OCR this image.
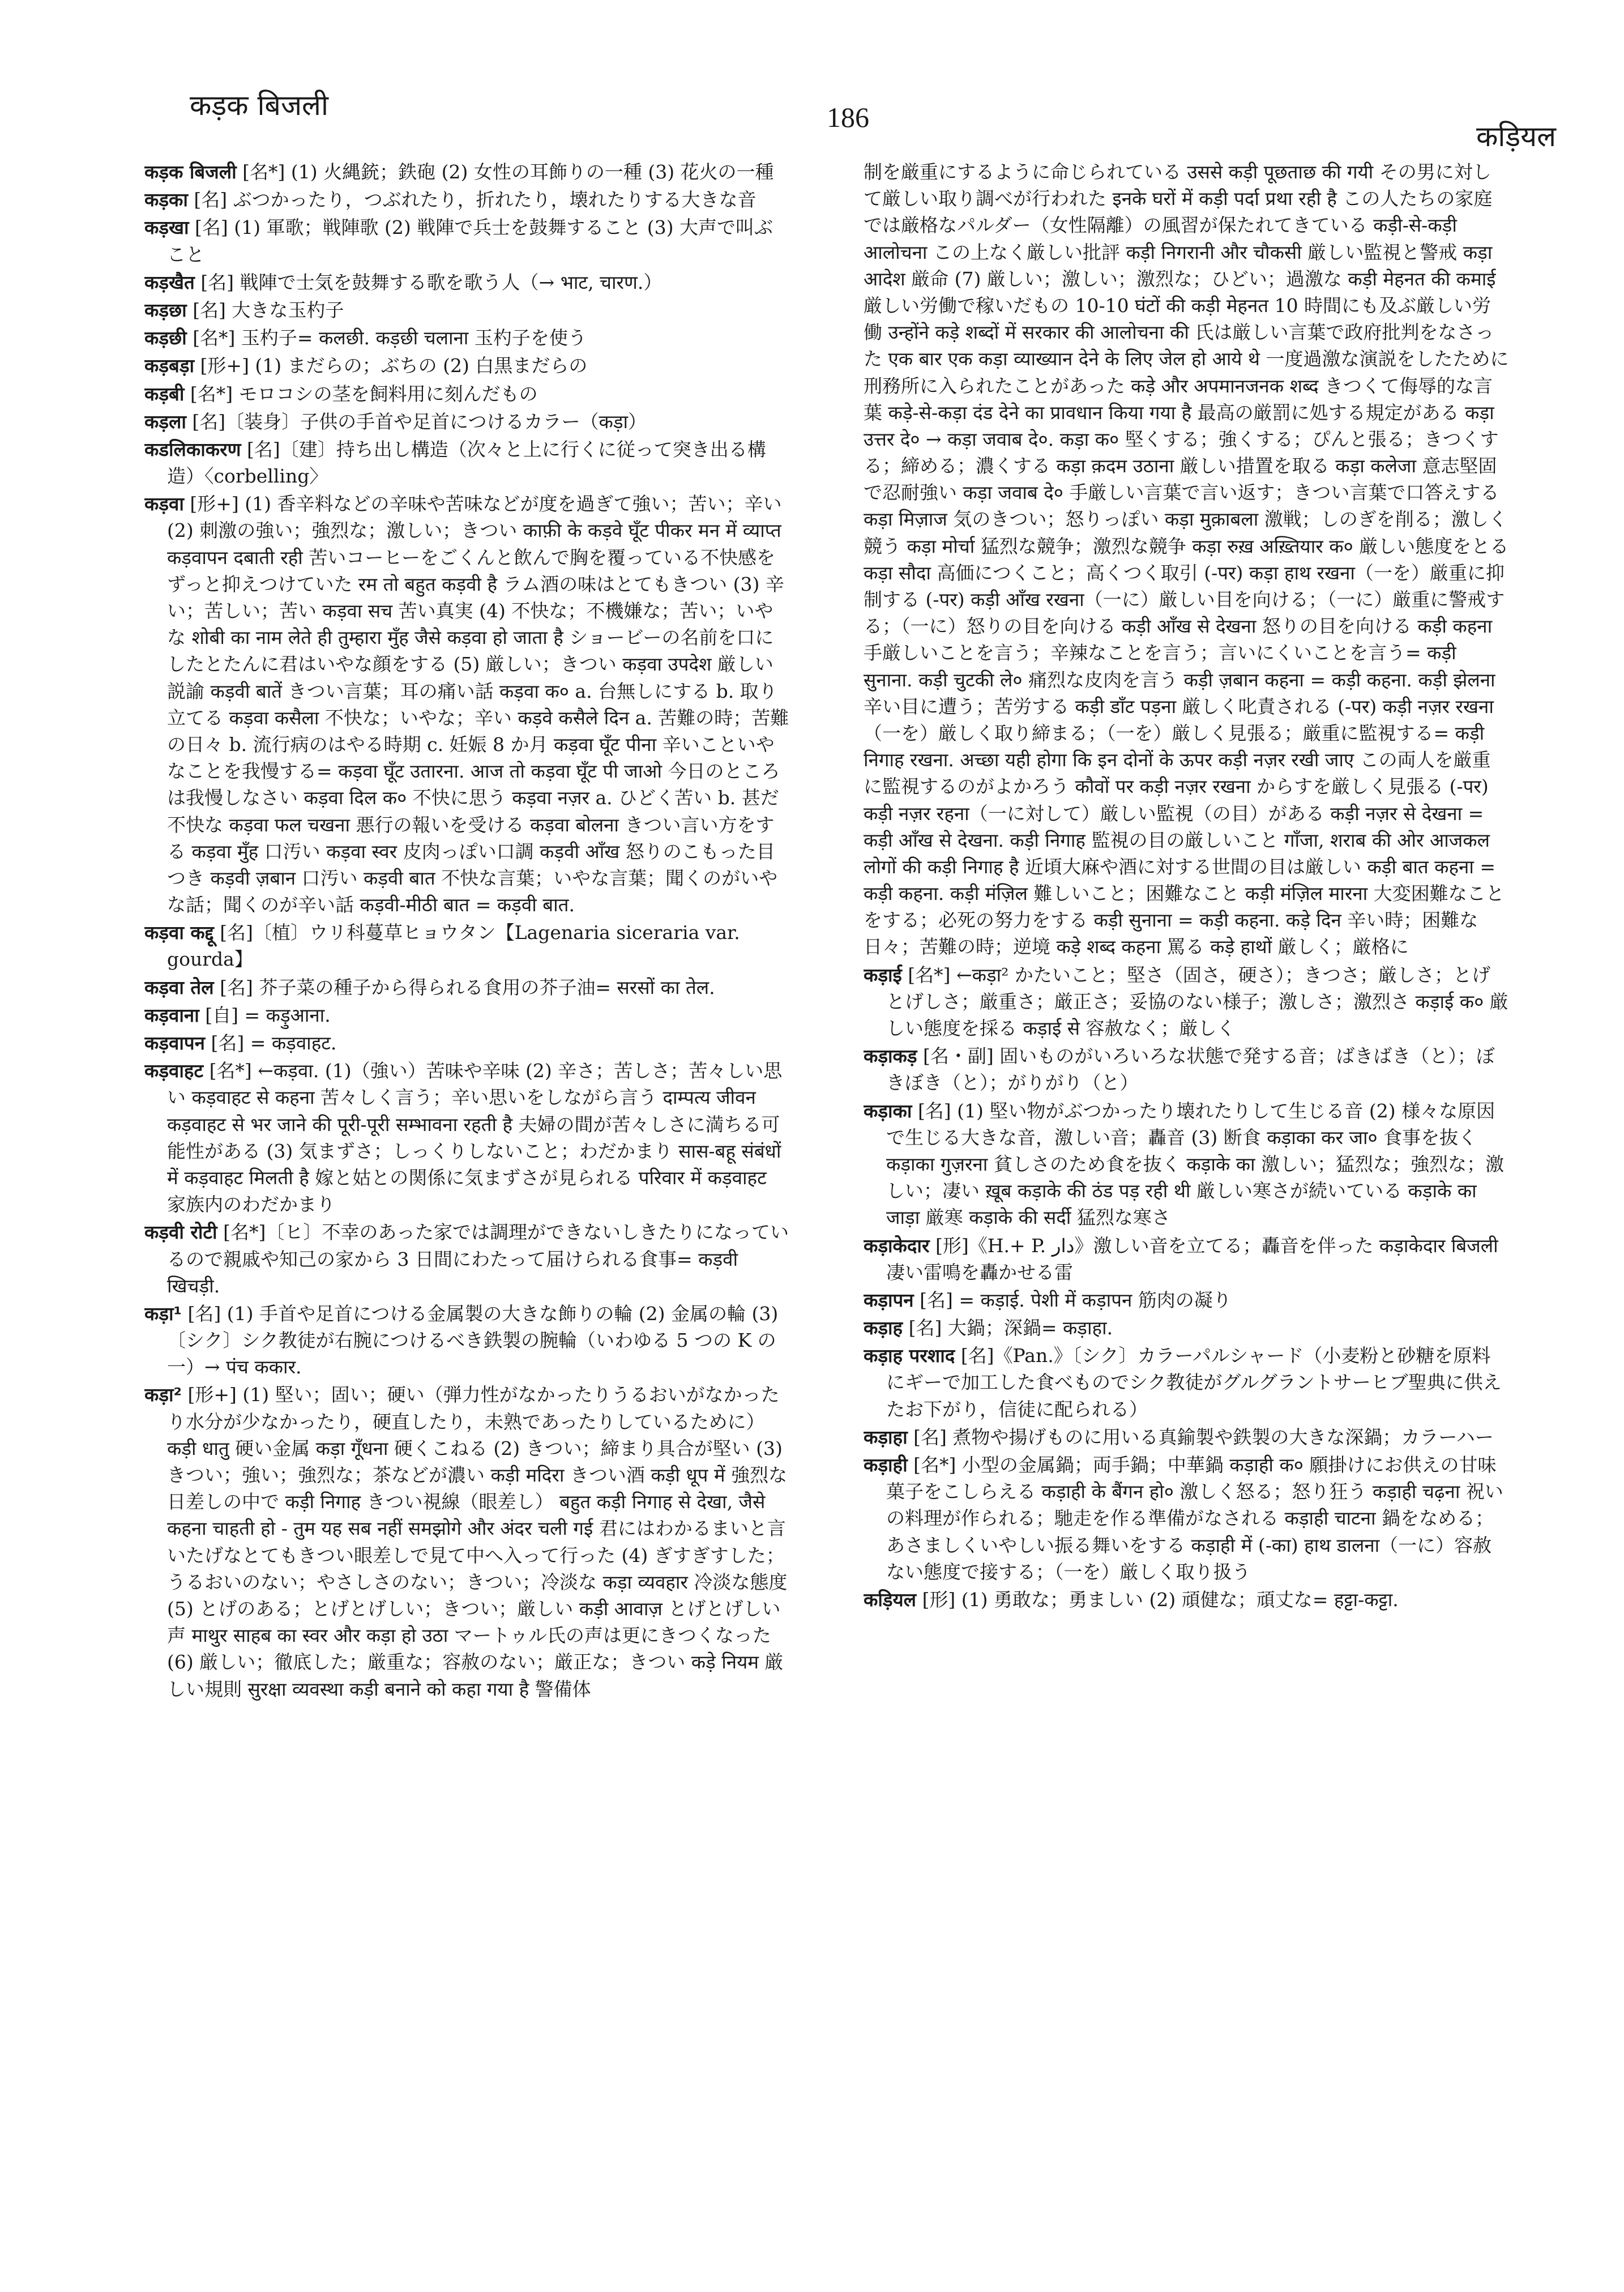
कड़क बिजली	186
कड़ियल

कड़क बिजली [名*] (1) 火縄銃；鉄砲 (2) 女性の耳飾りの一種 (3) 花火の一種

कड़का [名] ぶつかったり，つぶれたり，折れたり，壊れたりする大きな音

कड़खा [名] (1) 軍歌；戦陣歌 (2) 戦陣で兵士を鼓舞すること (3) 大声で叫ぶこと

कड़खैत [名] 戦陣で士気を鼓舞する歌を歌う人（→ भाट, चारण.）

कड़छा [名] 大きな玉杓子

कड़छी [名*] 玉杓子= कलछी. कड़छी चलाना 玉杓子を使う

कड़बड़ा [形+] (1) まだらの；ぶちの (2) 白黒まだらの

कड़बी [名*] モロコシの茎を飼料用に刻んだもの

कड़ला [名]〔装身〕子供の手首や足首につけるカラー（कड़ा）

कडलिकाकरण [名]〔建〕持ち出し構造（次々と上に行くに従って突き出る構造）〈corbelling〉

कड़वा [形+] (1) 香辛料などの辛味や苦味などが度を過ぎて強い；苦い；辛い (2) 刺激の強い；強烈な；激しい；きつい काफ़ी के कड़वे घूँट पीकर मन में व्याप्त कड़वापन दबाती रही 苦いコーヒーをごくんと飲んで胸を覆っている不快感をずっと抑えつけていた रम तो बहुत कड़वी है ラム酒の味はとてもきつい (3) 辛い；苦しい；苦い कड़वा सच 苦い真実 (4) 不快な；不機嫌な；苦い；いやな शोबी का नाम लेते ही तुम्हारा मुँह जैसे कड़वा हो जाता है ショービーの名前を口にしたとたんに君はいやな顔をする (5) 厳しい；きつい कड़वा उपदेश 厳しい説諭 कड़वी बातें きつい言葉；耳の痛い話 कड़वा क० a. 台無しにする b. 取り立てる कड़वा कसैला 不快な；いやな；辛い कड़वे कसैले दिन a. 苦難の時；苦難の日々 b. 流行病のはやる時期 c. 妊娠 8 か月 कड़वा घूँट पीना 辛いこといやなことを我慢する= कड़वा घूँट उतारना. आज तो कड़वा घूँट पी जाओ 今日のところは我慢しなさい कड़वा दिल क० 不快に思う कड़वा नज़र a. ひどく苦い b. 甚だ不快な कड़वा फल चखना 悪行の報いを受ける कड़वा बोलना きつい言い方をする कड़वा मुँह 口汚い कड़वा स्वर 皮肉っぽい口調 कड़वी आँख 怒りのこもった目つき कड़वी ज़बान 口汚い कड़वी बात 不快な言葉；いやな言葉；聞くのがいやな話；聞くのが辛い話 कड़वी-मीठी बात = कड़वी बात.

कड़वा कद्दू [名]〔植〕ウリ科蔓草ヒョウタン【Lagenaria siceraria var. gourda】

कड़वा तेल [名] 芥子菜の種子から得られる食用の芥子油= सरसों का तेल.

कड़वाना [自] = कड़ुआना.

कड़वापन [名] = कड़वाहट.

कड़वाहट [名*] ←कड़वा. (1)（強い）苦味や辛味 (2) 辛さ；苦しさ；苦々しい思い कड़वाहट से कहना 苦々しく言う；辛い思いをしながら言う दाम्पत्य जीवन कड़वाहट से भर जाने की पूरी-पूरी सम्भावना रहती है 夫婦の間が苦々しさに満ちる可能性がある (3) 気まずさ；しっくりしないこと；わだかまり सास-बहू संबंधों में कड़वाहट मिलती है 嫁と姑との関係に気まずさが見られる परिवार में कड़वाहट 家族内のわだかまり

कड़वी रोटी [名*]〔ヒ〕不幸のあった家では調理ができないしきたりになっているので親戚や知己の家から 3 日間にわたって届けられる食事= कड़वी खिचड़ी.

कड़ा¹ [名] (1) 手首や足首につける金属製の大きな飾りの輪 (2) 金属の輪 (3)〔シク〕シク教徒が右腕につけるべき鉄製の腕輪（いわゆる 5 つの K の一）→ पंच ककार.

कड़ा² [形+] (1) 堅い；固い；硬い（弾力性がなかったりうるおいがなかったり水分が少なかったり，硬直したり，未熟であったりしているために） कड़ी धातु 硬い金属 कड़ा गूँधना 硬くこねる (2) きつい；締まり具合が堅い (3) きつい；強い；強烈な；茶などが濃い कड़ी मदिरा きつい酒 कड़ी धूप में 強烈な日差しの中で कड़ी निगाह きつい視線（眼差し） बहुत कड़ी निगाह से देखा, जैसे कहना चाहती हो - तुम यह सब नहीं समझोगे और अंदर चली गई 君にはわかるまいと言いたげなとてもきつい眼差しで見て中へ入って行った (4) ぎすぎすした；うるおいのない；やさしさのない；きつい；冷淡な कड़ा व्यवहार 冷淡な態度 (5) とげのある；とげとげしい；きつい；厳しい कड़ी आवाज़ とげとげしい声 माथुर साहब का स्वर और कड़ा हो उठा マートゥル氏の声は更にきつくなった (6) 厳しい；徹底した；厳重な；容赦のない；厳正な；きつい कड़े नियम 厳しい規則 सुरक्षा व्यवस्था कड़ी बनाने को कहा गया है 警備体

制を厳重にするように命じられている उससे कड़ी पूछताछ की गयी その男に対して厳しい取り調べが行われた इनके घरों में कड़ी पर्दा प्रथा रही है この人たちの家庭では厳格なパルダー（女性隔離）の風習が保たれてきている कड़ी-से-कड़ी आलोचना この上なく厳しい批評 कड़ी निगरानी और चौकसी 厳しい監視と警戒 कड़ा आदेश 厳命 (7) 厳しい；激しい；激烈な；ひどい；過激な कड़ी मेहनत की कमाई 厳しい労働で稼いだもの 10-10 घंटों की कड़ी मेहनत 10 時間にも及ぶ厳しい労働 उन्होंने कड़े शब्दों में सरकार की आलोचना की 氏は厳しい言葉で政府批判をなさった एक बार एक कड़ा व्याख्यान देने के लिए जेल हो आये थे 一度過激な演説をしたために刑務所に入られたことがあった कड़े और अपमानजनक शब्द きつくて侮辱的な言葉 कड़े-से-कड़ा दंड देने का प्रावधान किया गया है 最高の厳罰に処する規定がある कड़ा उत्तर दे० → कड़ा जवाब दे०. कड़ा क० 堅くする；強くする；ぴんと張る；きつくする；締める；濃くする कड़ा क़दम उठाना 厳しい措置を取る कड़ा कलेजा 意志堅固で忍耐強い कड़ा जवाब दे० 手厳しい言葉で言い返す；きつい言葉で口答えする कड़ा मिज़ाज 気のきつい；怒りっぽい कड़ा मुक़ाबला 激戦；しのぎを削る；激しく競う कड़ा मोर्चा 猛烈な競争；激烈な競争 कड़ा रुख़ अख़्तियार क० 厳しい態度をとる कड़ा सौदा 高価につくこと；高くつく取引 (-पर) कड़ा हाथ रखना（一を）厳重に抑制する (-पर) कड़ी आँख रखना（一に）厳しい目を向ける；（一に）厳重に警戒する；（一に）怒りの目を向ける कड़ी आँख से देखना 怒りの目を向ける कड़ी कहना 手厳しいことを言う；辛辣なことを言う；言いにくいことを言う= कड़ी सुनाना. कड़ी चुटकी ले० 痛烈な皮肉を言う कड़ी ज़बान कहना = कड़ी कहना. कड़ी झेलना 辛い目に遭う；苦労する कड़ी डाँट पड़ना 厳しく叱責される (-पर) कड़ी नज़र रखना（一を）厳しく取り締まる；（一を）厳しく見張る；厳重に監視する= कड़ी निगाह रखना. अच्छा यही होगा कि इन दोनों के ऊपर कड़ी नज़र रखी जाए この両人を厳重に監視するのがよかろう कौवों पर कड़ी नज़र रखना からすを厳しく見張る (-पर) कड़ी नज़र रहना（一に対して）厳しい監視（の目）がある कड़ी नज़र से देखना = कड़ी आँख से देखना. कड़ी निगाह 監視の目の厳しいこと गाँजा, शराब की ओर आजकल लोगों की कड़ी निगाह है 近頃大麻や酒に対する世間の目は厳しい कड़ी बात कहना = कड़ी कहना. कड़ी मंज़िल 難しいこと；困難なこと कड़ी मंज़िल मारना 大変困難なことをする；必死の努力をする कड़ी सुनाना = कड़ी कहना. कड़े दिन 辛い時；困難な日々；苦難の時；逆境 कड़े शब्द कहना 罵る कड़े हाथों 厳しく；厳格に

कड़ाई [名*] ←कड़ा² かたいこと；堅さ（固さ，硬さ）；きつさ；厳しさ；とげとげしさ；厳重さ；厳正さ；妥協のない様子；激しさ；激烈さ कड़ाई क० 厳しい態度を採る कड़ाई से 容赦なく；厳しく

कड़ाकड़ [名・副] 固いものがいろいろな状態で発する音；ばきばき（と）；ぼきぼき（と）；がりがり（と）

कड़ाका [名] (1) 堅い物がぶつかったり壊れたりして生じる音 (2) 様々な原因で生じる大きな音，激しい音；轟音 (3) 断食 कड़ाका कर जा० 食事を抜く कड़ाका गुज़रना 貧しさのため食を抜く कड़ाके का 激しい；猛烈な；強烈な；激しい；凄い ख़ूब कड़ाके की ठंड पड़ रही थी 厳しい寒さが続いている कड़ाके का जाड़ा 厳寒 कड़ाके की सर्दी 猛烈な寒さ

कड़ाकेदार [形]《H.+ P. دار》激しい音を立てる；轟音を伴った कड़ाकेदार बिजली 凄い雷鳴を轟かせる雷

कड़ापन [名] = कड़ाई. पेशी में कड़ापन 筋肉の凝り

कड़ाह [名] 大鍋；深鍋= कड़ाहा.

कड़ाह परशाद [名]《Pan.》〔シク〕カラーパルシャード（小麦粉と砂糖を原料にギーで加工した食べものでシク教徒がグルグラントサーヒブ聖典に供えたお下がり，信徒に配られる）

कड़ाहा [名] 煮物や揚げものに用いる真鍮製や鉄製の大きな深鍋；カラーハー

कड़ाही [名*] 小型の金属鍋；両手鍋；中華鍋 कड़ाही क० 願掛けにお供えの甘味菓子をこしらえる कड़ाही के बैंगन हो० 激しく怒る；怒り狂う कड़ाही चढ़ना 祝いの料理が作られる；馳走を作る準備がなされる कड़ाही चाटना 鍋をなめる；あさましくいやしい振る舞いをする कड़ाही में (-का) हाथ डालना（一に）容赦ない態度で接する；（一を）厳しく取り扱う

कड़ियल [形] (1) 勇敢な；勇ましい (2) 頑健な；頑丈な= हट्टा-कट्टा.
